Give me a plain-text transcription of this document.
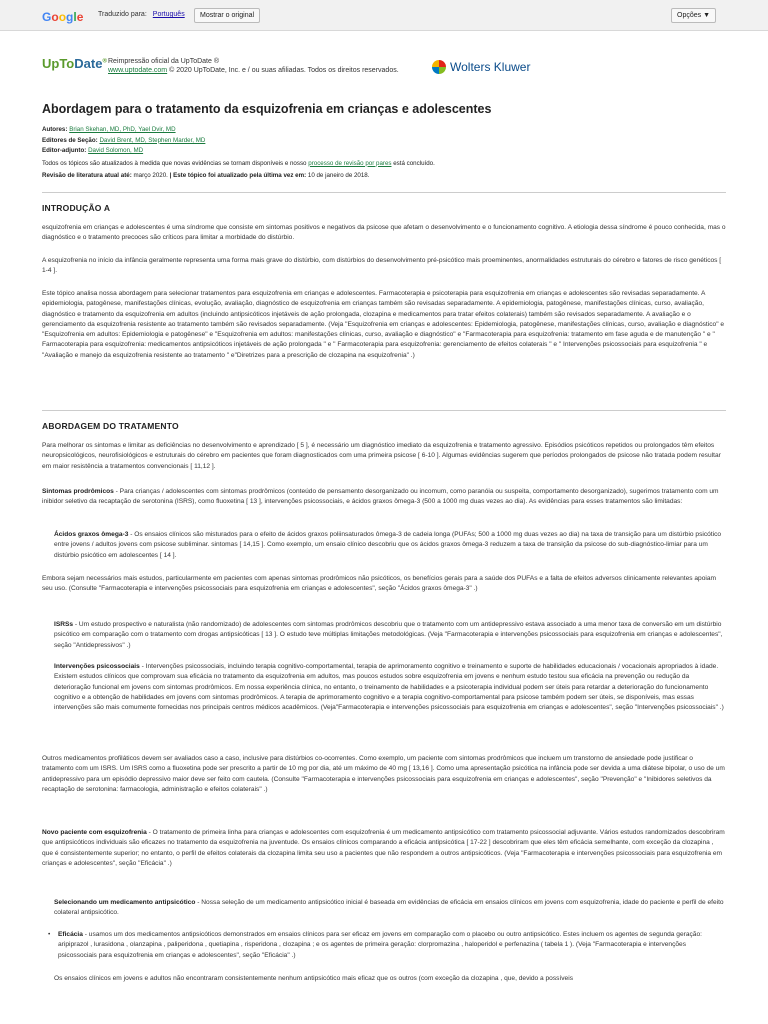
Google Traduzido para: Português	Mostrar o original	Opções ▼
UpToDate® Reimpressão oficial da UpToDate ®
www.uptodate.com © 2020 UpToDate, Inc. e / ou suas afiliadas. Todos os direitos reservados.	Wolters Kluwer
Abordagem para o tratamento da esquizofrenia em crianças e adolescentes
Autores: Brian Skehan, MD, PhD, Yael Dvir, MD
Editores de Seção: David Brent, MD, Stephen Marder, MD
Editor-adjunto: David Solomon, MD
Todos os tópicos são atualizados à medida que novas evidências se tornam disponíveis e nosso processo de revisão por pares está concluído.
Revisão de literatura atual até: março 2020. | Este tópico foi atualizado pela última vez em: 10 de janeiro de 2018.
INTRODUÇÃO A

esquizofrenia em crianças e adolescentes é uma síndrome que consiste em sintomas positivos e negativos da psicose que afetam o desenvolvimento e o funcionamento cognitivo. A etiologia dessa síndrome é pouco conhecida, mas o diagnóstico e o tratamento precoces são críticos para limitar a morbidade do distúrbio.

A esquizofrenia no início da infância geralmente representa uma forma mais grave do distúrbio, com distúrbios do desenvolvimento pré-psicótico mais proeminentes, anormalidades estruturais do cérebro e fatores de risco genéticos [ 1-4 ].

Este tópico analisa nossa abordagem para selecionar tratamentos para esquizofrenia em crianças e adolescentes. Farmacoterapia e psicoterapia para esquizofrenia em crianças e adolescentes são revisadas separadamente. A epidemiologia, patogênese, manifestações clínicas, evolução, avaliação, diagnóstico de esquizofrenia em crianças também são revisadas separadamente. A epidemiologia, patogênese, manifestações clínicas, curso, avaliação, diagnóstico e tratamento da esquizofrenia em adultos (incluindo antipsicóticos injetáveis de ação prolongada, clozapina e medicamentos para tratar efeitos colaterais) também são revisados separadamente. A avaliação e o gerenciamento da esquizofrenia resistente ao tratamento também são revisados separadamente. (Veja "Esquizofrenia em crianças e adolescentes: Epidemiologia, patogênese, manifestações clínicas, curso, avaliação e diagnóstico" e "Esquizofrenia em adultos: Epidemiologia e patogênese" e "Esquizofrenia em adultos: manifestações clínicas, curso, avaliação e diagnóstico" e "Farmacoterapia para esquizofrenia: tratamento em fase aguda e de manutenção " e " Farmacoterapia para esquizofrenia: medicamentos antipsicóticos injetáveis de ação prolongada " e " Farmacoterapia para esquizofrenia: gerenciamento de efeitos colaterais " e " Intervenções psicossociais para esquizofrenia " e "Avaliação e manejo da esquizofrenia resistente ao tratamento " e"Diretrizes para a prescrição de clozapina na esquizofrenia" .)

ABORDAGEM DO TRATAMENTO

Para melhorar os sintomas e limitar as deficiências no desenvolvimento e aprendizado [ 5 ], é necessário um diagnóstico imediato da esquizofrenia e tratamento agressivo. Episódios psicóticos repetidos ou prolongados têm efeitos neuropsicológicos, neurofisiológicos e estruturais do cérebro em pacientes que foram diagnosticados com uma primeira psicose [ 6-10 ]. Algumas evidências sugerem que períodos prolongados de psicose não tratada podem resultar em maior resistência a tratamentos convencionais [ 11,12 ].

Sintomas prodrômicos - Para crianças / adolescentes com sintomas prodrômicos (conteúdo de pensamento desorganizado ou incomum, como paranóia ou suspeita, comportamento desorganizado), sugerimos tratamento com um inibidor seletivo da recaptação de serotonina (ISRS), como fluoxetina [ 13 ], intervenções psicossociais, e ácidos graxos ômega-3 (500 a 1000 mg duas vezes ao dia). As evidências para esses tratamentos são limitadas:

Ácidos graxos ômega-3 - Os ensaios clínicos são misturados para o efeito de ácidos graxos poliinsaturados ômega-3 de cadeia longa (PUFAs; 500 a 1000 mg duas vezes ao dia) na taxa de transição para um distúrbio psicótico entre jovens / adultos jovens com psicose subliminar. sintomas [ 14,15 ]. Como exemplo, um ensaio clínico descobriu que os ácidos graxos ômega-3 reduzem a taxa de transição da psicose do sub-diagnóstico-limiar para um distúrbio psicótico em adolescentes [ 14 ].

Embora sejam necessários mais estudos, particularmente em pacientes com apenas sintomas prodrômicos não psicóticos, os benefícios gerais para a saúde dos PUFAs e a falta de efeitos adversos clinicamente relevantes apoiam seu uso. (Consulte "Farmacoterapia e intervenções psicossociais para esquizofrenia em crianças e adolescentes", seção "Ácidos graxos ômega-3" .)

ISRSs - Um estudo prospectivo e naturalista (não randomizado) de adolescentes com sintomas prodrômicos descobriu que o tratamento com um antidepressivo estava associado a uma menor taxa de conversão em um distúrbio psicótico em comparação com o tratamento com drogas antipsicóticas [ 13 ]. O estudo teve múltiplas limitações metodológicas. (Veja "Farmacoterapia e intervenções psicossociais para esquizofrenia em crianças e adolescentes", seção "Antidepressivos" .)

Intervenções psicossociais - Intervenções psicossociais, incluindo terapia cognitivo-comportamental, terapia de aprimoramento cognitivo e treinamento e suporte de habilidades educacionais / vocacionais apropriados à idade. Existem estudos clínicos que comprovam sua eficácia no tratamento da esquizofrenia em adultos, mas poucos estudos sobre esquizofrenia em jovens e nenhum estudo testou sua eficácia na prevenção ou redução da deterioração funcional em jovens com sintomas prodrômicos. Em nossa experiência clínica, no entanto, o treinamento de habilidades e a psicoterapia individual podem ser úteis para retardar a deterioração do funcionamento cognitivo e a obtenção de habilidades em jovens com sintomas prodrômicos. A terapia de aprimoramento cognitivo e a terapia cognitivo-comportamental para psicose também podem ser úteis, se disponíveis, mas essas intervenções são mais comumente fornecidas nos principais centros médicos acadêmicos. (Veja"Farmacoterapia e intervenções psicossociais para esquizofrenia em crianças e adolescentes", seção "Intervenções psicossociais" .)

Outros medicamentos profiláticos devem ser avaliados caso a caso, inclusive para distúrbios co-ocorrentes. Como exemplo, um paciente com sintomas prodrômicos que incluem um transtorno de ansiedade pode justificar o tratamento com um ISRS. Um ISRS como a fluoxetina pode ser prescrito a partir de 10 mg por dia, até um máximo de 40 mg [ 13,16 ]. Como uma apresentação psicótica na infância pode ser devida a uma diátese bipolar, o uso de um antidepressivo para um episódio depressivo maior deve ser feito com cautela. (Consulte "Farmacoterapia e intervenções psicossociais para esquizofrenia em crianças e adolescentes", seção "Prevenção" e "Inibidores seletivos da recaptação de serotonina: farmacologia, administração e efeitos colaterais" .)

Novo paciente com esquizofrenia - O tratamento de primeira linha para crianças e adolescentes com esquizofrenia é um medicamento antipsicótico com tratamento psicossocial adjuvante. Vários estudos randomizados descobriram que antipsicóticos individuais são eficazes no tratamento da esquizofrenia na juventude. Os ensaios clínicos comparando a eficácia antipsicótica [ 17-22 ] descobriram que eles têm eficácia semelhante, com exceção da clozapina , que é consistentemente superior; no entanto, o perfil de efeitos colaterais da clozapina limita seu uso a pacientes que não respondem a outros antipsicóticos. (Veja "Farmacoterapia e intervenções psicossociais para esquizofrenia em crianças e adolescentes", seção "Eficácia" .)

Selecionando um medicamento antipsicótico - Nossa seleção de um medicamento antipsicótico inicial é baseada em evidências de eficácia em ensaios clínicos em jovens com esquizofrenia, idade do paciente e perfil de efeito colateral antipsicótico.

• Eficácia - usamos um dos medicamentos antipsicóticos demonstrados em ensaios clínicos para ser eficaz em jovens em comparação com o placebo ou outro antipsicótico. Estes incluem os agentes de segunda geração: aripiprazol , lurasidona , olanzapina , paliperidona , quetiapina , risperidona , clozapina ; e os agentes de primeira geração: clorpromazina , haloperidol e perfenazina ( tabela 1 ). (Veja "Farmacoterapia e intervenções psicossociais para esquizofrenia em crianças e adolescentes", seção "Eficácia" .)

Os ensaios clínicos em jovens e adultos não encontraram consistentemente nenhum antipsicótico mais eficaz que os outros (com exceção da clozapina , que, devido a possíveis
